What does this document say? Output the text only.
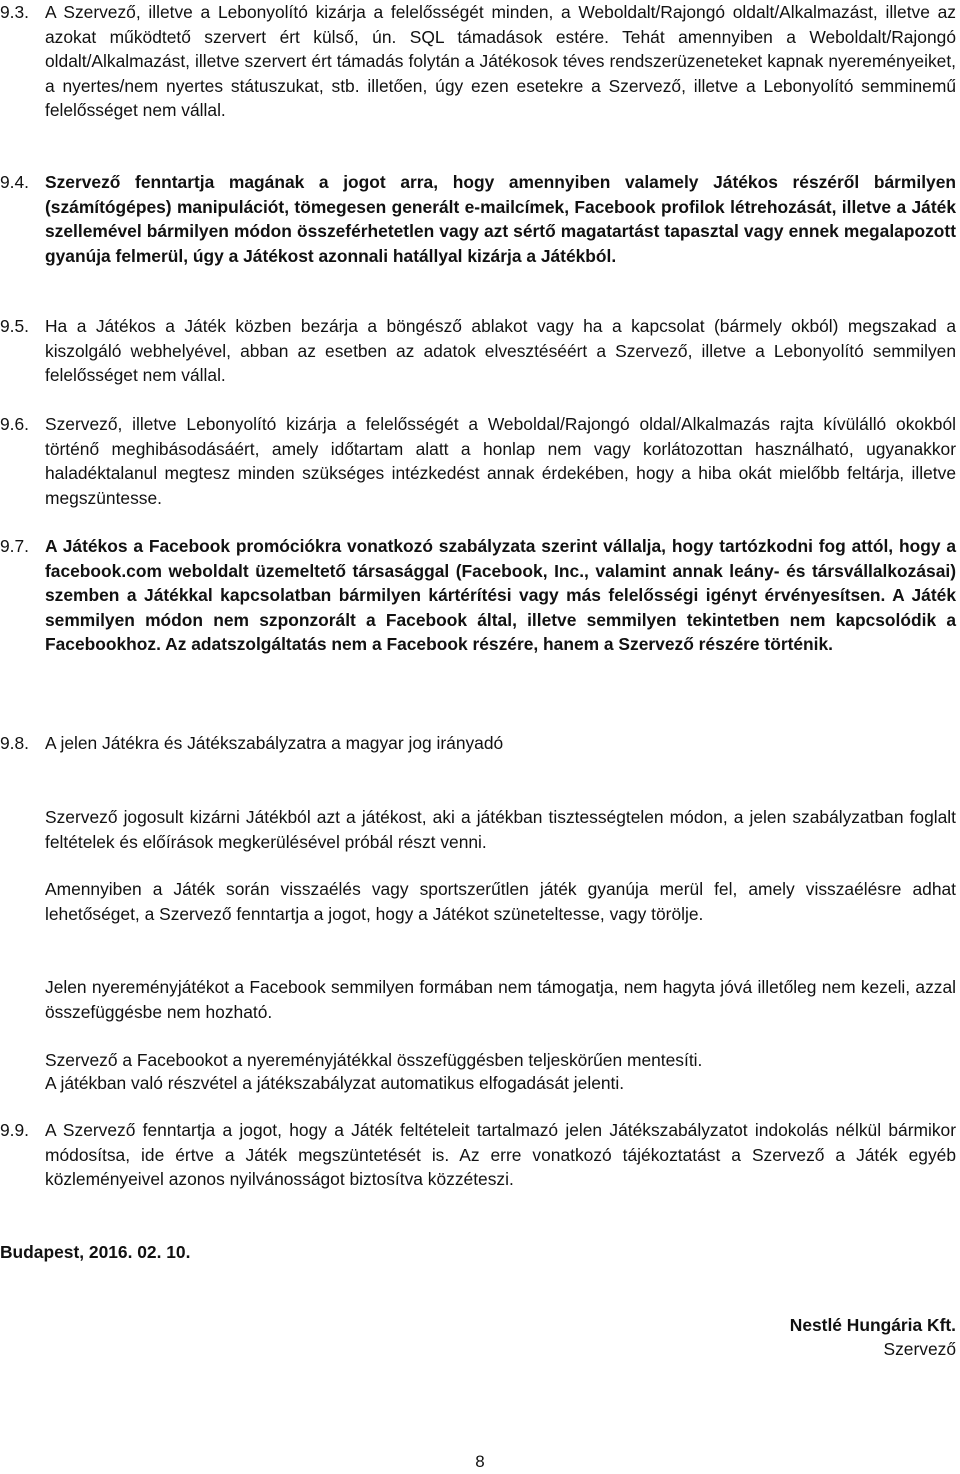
9.3. A Szervező, illetve a Lebonyolító kizárja a felelősségét minden, a Weboldalt/Rajongó oldalt/Alkalmazást, illetve az azokat működtető szervert ért külső, ún. SQL támadások estére. Tehát amennyiben a Weboldalt/Rajongó oldalt/Alkalmazást, illetve szervert ért támadás folytán a Játékosok téves rendszerüzeneteket kapnak nyereményeiket, a nyertes/nem nyertes státuszukat, stb. illetően, úgy ezen esetekre a Szervező, illetve a Lebonyolító semminemű felelősséget nem vállal.
9.4. Szervező fenntartja magának a jogot arra, hogy amennyiben valamely Játékos részéről bármilyen (számítógépes) manipulációt, tömegesen generált e-mailcímek, Facebook profilok létrehozását, illetve a Játék szellemével bármilyen módon összeférhetetlen vagy azt sértő magatartást tapasztal vagy ennek megalapozott gyanúja felmerül, úgy a Játékost azonnali hatállyal kizárja a Játékból.
9.5. Ha a Játékos a Játék közben bezárja a böngésző ablakot vagy ha a kapcsolat (bármely okból) megszakad a kiszolgáló webhelyével, abban az esetben az adatok elvesztéséért a Szervező, illetve a Lebonyolító semmilyen felelősséget nem vállal.
9.6. Szervező, illetve Lebonyolító kizárja a felelősségét a Weboldal/Rajongó oldal/Alkalmazás rajta kívülálló okokból történő meghibásodásáért, amely időtartam alatt a honlap nem vagy korlátozottan használható, ugyanakkor haladéktalanul megtesz minden szükséges intézkedést annak érdekében, hogy a hiba okát mielőbb feltárja, illetve megszüntesse.
9.7. A Játékos a Facebook promóciókra vonatkozó szabályzata szerint vállalja, hogy tartózkodni fog attól, hogy a facebook.com weboldalt üzemeltető társasággal (Facebook, Inc., valamint annak leány- és társvállalkozásai) szemben a Játékkal kapcsolatban bármilyen kártérítési vagy más felelősségi igényt érvényesítsen. A Játék semmilyen módon nem szponzorált a Facebook által, illetve semmilyen tekintetben nem kapcsolódik a Facebookhoz. Az adatszolgáltatás nem a Facebook részére, hanem a Szervező részére történik.
9.8. A jelen Játékra és Játékszabályzatra a magyar jog irányadó
Szervező jogosult kizárni Játékból azt a játékost, aki a játékban tisztességtelen módon, a jelen szabályzatban foglalt feltételek és előírások megkerülésével próbál részt venni.
Amennyiben a Játék során visszaélés vagy sportszerűtlen játék gyanúja merül fel, amely visszaélésre adhat lehetőséget, a Szervező fenntartja a jogot, hogy a Játékot szüneteltesse, vagy törölje.
Jelen nyereményjátékot a Facebook semmilyen formában nem támogatja, nem hagyta jóvá illetőleg nem kezeli, azzal összefüggésbe nem hozható.
Szervező a Facebookot a nyereményjátékkal összefüggésben teljeskörűen mentesíti.
A játékban való részvétel a játékszabályzat automatikus elfogadását jelenti.
9.9. A Szervező fenntartja a jogot, hogy a Játék feltételeit tartalmazó jelen Játékszabályzatot indokolás nélkül bármikor módosítsa, ide értve a Játék megszüntetését is. Az erre vonatkozó tájékoztatást a Szervező a Játék egyéb közleményeivel azonos nyilvánosságot biztosítva közzéteszi.
Budapest, 2016. 02. 10.
Nestlé Hungária Kft.
Szervező
8
